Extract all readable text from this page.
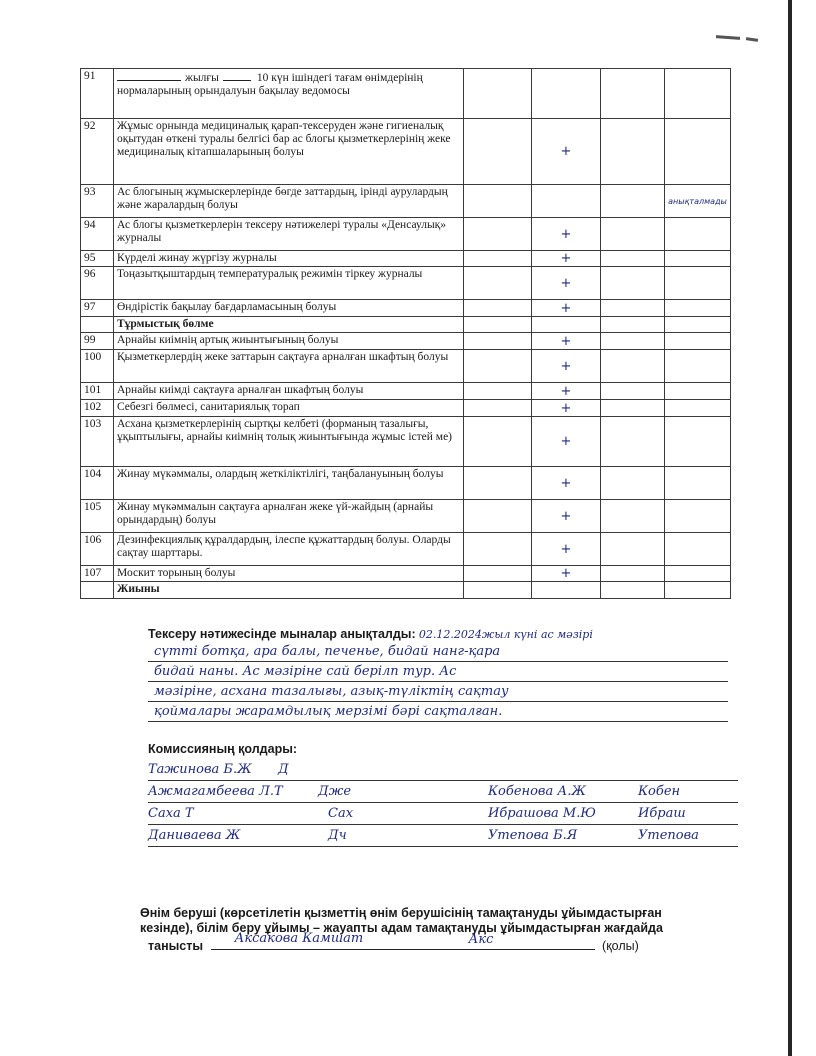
91	жылғы 10 күн ішіндегі тағам өнімдерінің нормаларының орындалуын бақылау ведомосы				
92	Жұмыс орнында медициналық қарап-тексеруден және гигиеналық оқытудан өткені туралы белгісі бар ас блогы қызметкерлерінің жеке медициналық кітапшаларының болуы		+		
93	Ас блогының жұмыскерлерінде бөгде заттардың, ірінді аурулардың және жаралардың болуы				анықталмады
94	Ас блогы қызметкерлерін тексеру нәтижелері туралы «Денсаулық» журналы		+		
95	Күрделі жинау жүргізу журналы		+		
96	Тоңазытқыштардың температуралық режимін тіркеу журналы		+		
97	Өндірістік бақылау бағдарламасының болуы		+		
	Тұрмыстық бөлме				
99	Арнайы киімнің артық жиынтығының болуы		+		
100	Қызметкерлердің жеке заттарын сақтауға арналған шкафтың болуы		+		
101	Арнайы киімді сақтауға арналған шкафтың болуы		+		
102	Себезгі бөлмесі, санитариялық торап		+		
103	Асхана қызметкерлерінің сыртқы келбеті (форманың тазалығы, ұқыптылығы, арнайы киімнің толық жиынтығында жұмыс істей ме)		+		
104	Жинау мүкәммалы, олардың жеткіліктілігі, таңбалануының болуы		+		
105	Жинау мүкәммалын сақтауға арналған жеке үй-жайдың (арнайы орындардың) болуы		+		
106	Дезинфекциялық құралдардың, ілеспе құжаттардың болуы. Оларды сақтау шарттары.		+		
107	Москит торының болуы		+		
	Жиыны				
Тексеру нәтижесінде мыналар анықталды: 02.12.2024жыл күні ас мәзірі
сүтті ботқа, ара балы, печенье, бидай нанг-қара
бидай наны. Ас мәзіріне сай берілп тур. Ас
мәзіріне, асхана тазалығы, азық-түліктің сақтау
қоймалары жарамдылық мерзімі бәрі сақталған.
Комиссияның қолдары:
Тажинова Б.Ж Д
Ажмагамбеева Л.Т	Дже	Кобенова А.Ж	Кобен
Саха Т	Сах	Ибрашова М.Ю	Ибраш
Даниваева Ж	Дч	Утепова Б.Я	Утепова
Өнім беруші (көрсетілетін қызметтің өнім берушісінің тамақтануды ұйымдастырған
кезінде), білім беру ұйымы – жауапты адам тамақтануды ұйымдастырған жағдайда
танысты Аксакова Камшат	Акс	(қолы)
